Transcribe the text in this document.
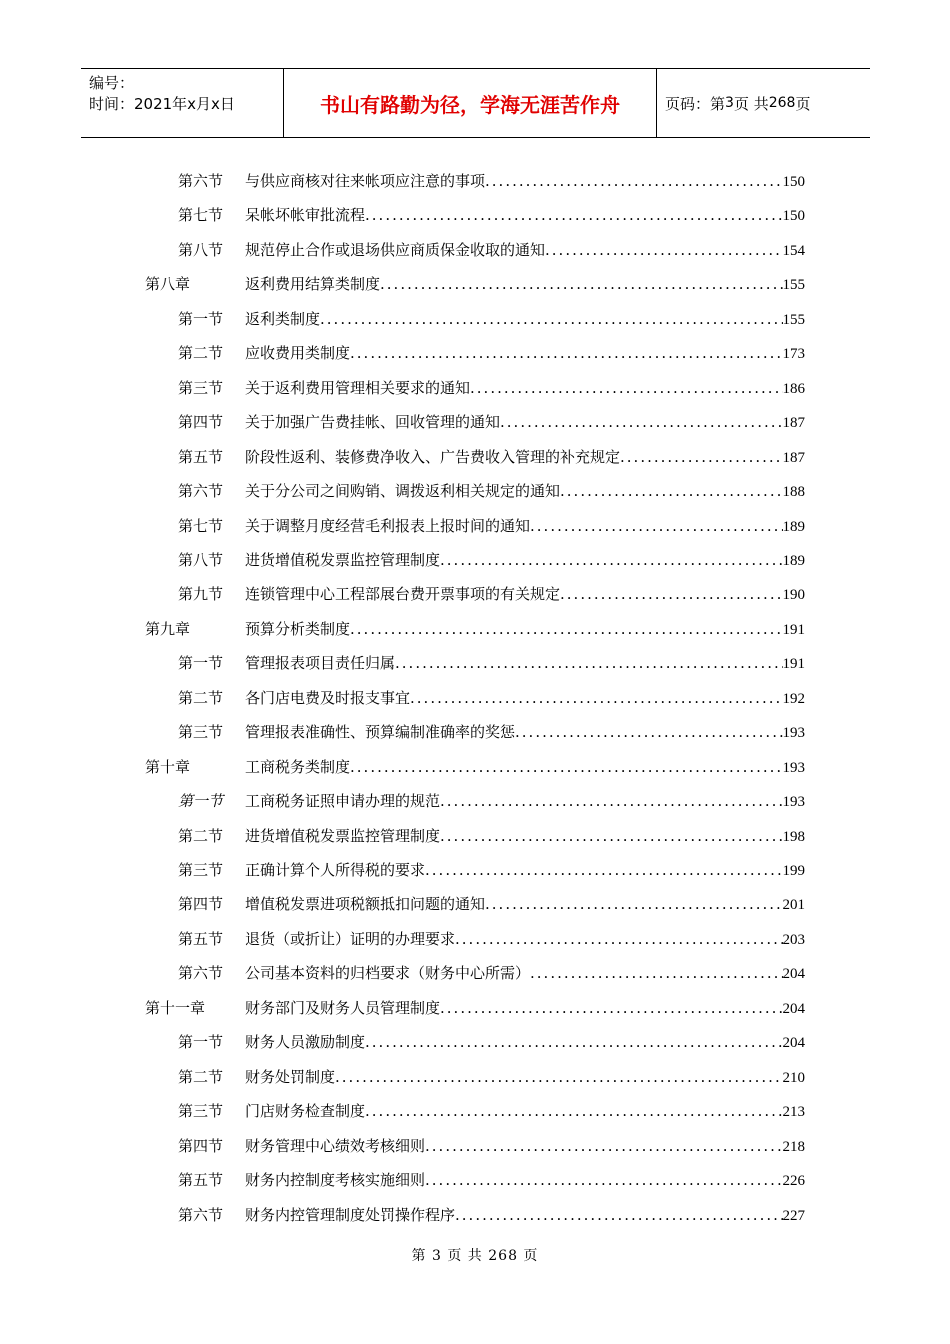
编号：
时间：2021年x月x日	书山有路勤为径，学海无涯苦作舟	页码：第 3 页 共 268 页
第六节	与供应商核对往来帐项应注意的事项 .....	150
第七节	呆帐坏帐审批流程 .....	150
第八节	规范停止合作或退场供应商质保金收取的通知 .....	154
第八章	返利费用结算类制度 .....	155
第一节	返利类制度 .....	155
第二节	应收费用类制度 .....	173
第三节	关于返利费用管理相关要求的通知 .....	186
第四节	关于加强广告费挂帐、回收管理的通知 .....	187
第五节	阶段性返利、装修费净收入、广告费收入管理的补充规定 .....	187
第六节	关于分公司之间购销、调拨返利相关规定的通知 .....	188
第七节	关于调整月度经营毛利报表上报时间的通知 .....	189
第八节	进货增值税发票监控管理制度 .....	189
第九节	连锁管理中心工程部展台费开票事项的有关规定 .....	190
第九章	预算分析类制度 .....	191
第一节	管理报表项目责任归属 .....	191
第二节	各门店电费及时报支事宜 .....	192
第三节	管理报表准确性、预算编制准确率的奖惩 .....	193
第十章	工商税务类制度 .....	193
第一节	工商税务证照申请办理的规范 .....	193
第二节	进货增值税发票监控管理制度 .....	198
第三节	正确计算个人所得税的要求 .....	199
第四节	增值税发票进项税额抵扣问题的通知 .....	201
第五节	退货（或折让）证明的办理要求 .....	203
第六节	公司基本资料的归档要求（财务中心所需） .....	204
第十一章	财务部门及财务人员管理制度 .....	204
第一节	财务人员激励制度 .....	204
第二节	财务处罚制度 .....	210
第三节	门店财务检查制度 .....	213
第四节	财务管理中心绩效考核细则 .....	218
第五节	财务内控制度考核实施细则 .....	226
第六节	财务内控管理制度处罚操作程序 .....	227
第 3 页 共 268 页
